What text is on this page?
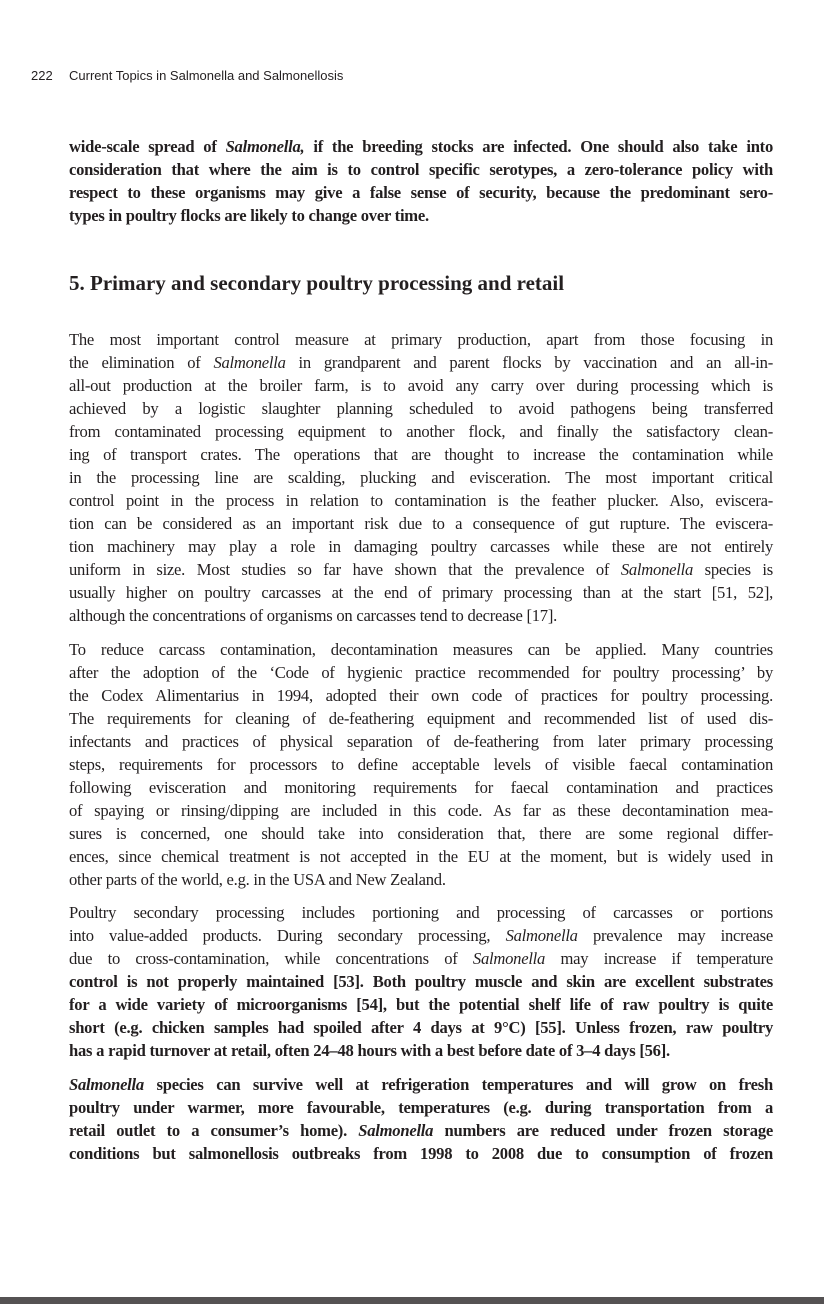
222 Current Topics in Salmonella and Salmonellosis

wide-scale spread of Salmonella, if the breeding stocks are infected. One should also take into
consideration that where the aim is to control specific serotypes, a zero-tolerance policy with
respect to these organisms may give a false sense of security, because the predominant sero-
types in poultry flocks are likely to change over time.

5. Primary and secondary poultry processing and retail

The most important control measure at primary production, apart from those focusing in
the elimination of Salmonella in grandparent and parent flocks by vaccination and an all-in-
all-out production at the broiler farm, is to avoid any carry over during processing which is
achieved by a logistic slaughter planning scheduled to avoid pathogens being transferred
from contaminated processing equipment to another flock, and finally the satisfactory clean-
ing of transport crates. The operations that are thought to increase the contamination while
in the processing line are scalding, plucking and evisceration. The most important critical
control point in the process in relation to contamination is the feather plucker. Also, eviscera-
tion can be considered as an important risk due to a consequence of gut rupture. The eviscera-
tion machinery may play a role in damaging poultry carcasses while these are not entirely
uniform in size. Most studies so far have shown that the prevalence of Salmonella species is
usually higher on poultry carcasses at the end of primary processing than at the start [51, 52],
although the concentrations of organisms on carcasses tend to decrease [17].

To reduce carcass contamination, decontamination measures can be applied. Many countries
after the adoption of the ‘Code of hygienic practice recommended for poultry processing’ by
the Codex Alimentarius in 1994, adopted their own code of practices for poultry processing.
The requirements for cleaning of de-feathering equipment and recommended list of used dis-
infectants and practices of physical separation of de-feathering from later primary processing
steps, requirements for processors to define acceptable levels of visible faecal contamination
following evisceration and monitoring requirements for faecal contamination and practices
of spaying or rinsing/dipping are included in this code. As far as these decontamination mea-
sures is concerned, one should take into consideration that, there are some regional differ-
ences, since chemical treatment is not accepted in the EU at the moment, but is widely used in
other parts of the world, e.g. in the USA and New Zealand.

Poultry secondary processing includes portioning and processing of carcasses or portions
into value-added products. During secondary processing, Salmonella prevalence may increase
due to cross-contamination, while concentrations of Salmonella may increase if temperature
control is not properly maintained [53]. Both poultry muscle and skin are excellent substrates
for a wide variety of microorganisms [54], but the potential shelf life of raw poultry is quite
short (e.g. chicken samples had spoiled after 4 days at 9°C) [55]. Unless frozen, raw poultry
has a rapid turnover at retail, often 24–48 hours with a best before date of 3–4 days [56].

Salmonella species can survive well at refrigeration temperatures and will grow on fresh
poultry under warmer, more favourable, temperatures (e.g. during transportation from a
retail outlet to a consumer’s home). Salmonella numbers are reduced under frozen storage
conditions but salmonellosis outbreaks from 1998 to 2008 due to consumption of frozen
